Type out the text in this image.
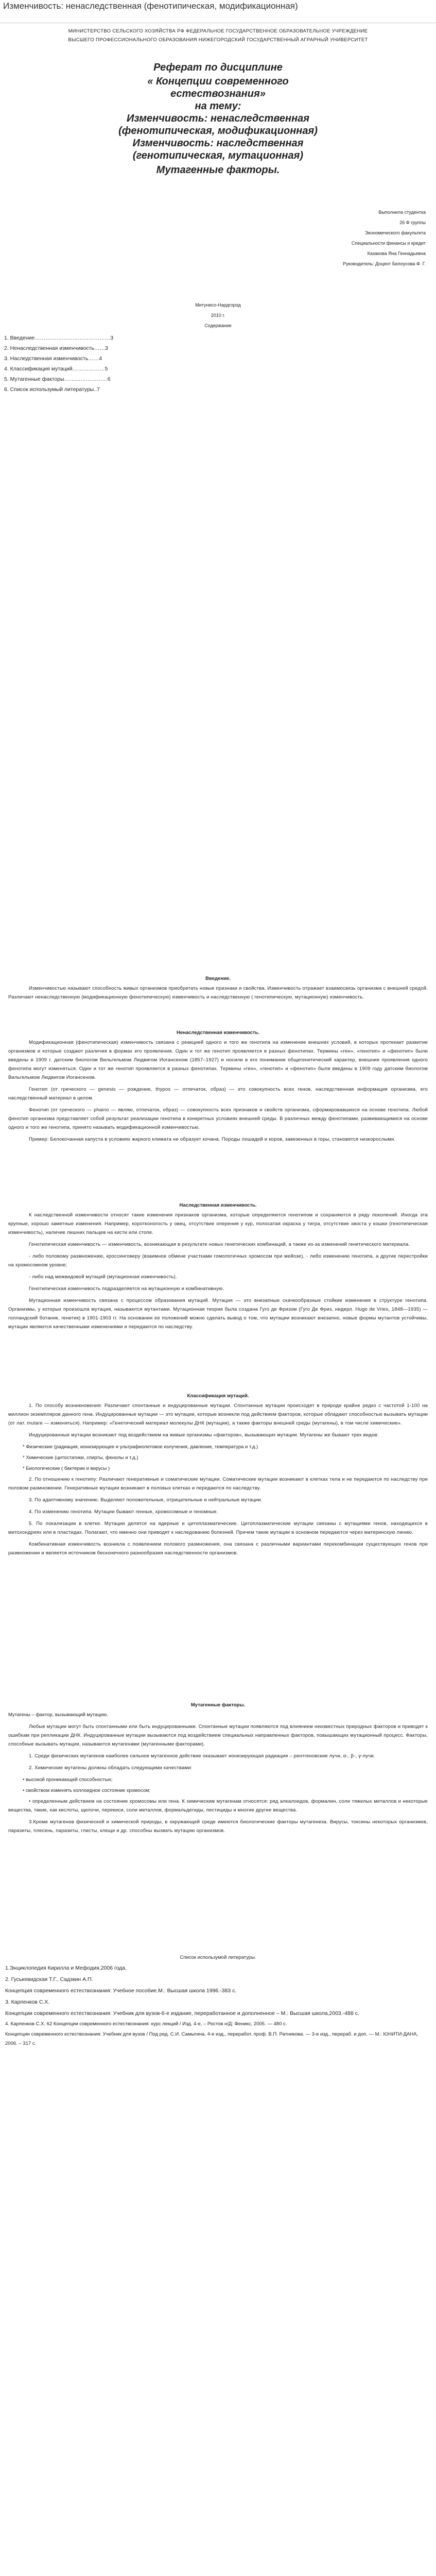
Изменчивость: ненаследственная (фенотипическая, модификационная)
МИНИСТЕРСТВО СЕЛЬСКОГО ХОЗЯЙСТВА РФ ФЕДЕРАЛЬНОЕ ГОСУДАРСТВЕННОЕ ОБРАЗОВАТЕЛЬНОЕ УЧРЕЖДЕНИЕ ВЫСШЕГО ПРОФЕССИОНАЛЬНОГО ОБРАЗОВАНИЯ НИЖЕГОРОДСКИЙ ГОСУДАРСТВЕННЫЙ АГРАРНЫЙ УНИВЕРСИТЕТ
Реферат по дисциплине
« Концепции современного естествознания»
на тему:
Изменчивость: ненаследственная (фенотипическая, модификационная)
Изменчивость: наследственная (генотипическая, мутационная)
Мутагенные факторы.
Выполнила студентка
26 Ф группы
Экономического факультета
Специальности финансы и кредит
Казакова Яна Геннадьевна
Руководитель: Доцент Белоусова Ф. Г.
Митунисо-Нардгород
2010 г.
Содержание
1. Введение……………………………………3
2. Ненаследственная изменчивость……3
3. Наследственная изменчивость……4
4. Классификация мутаций………………5
5. Мутагенные факторы……………………6
6. Список использумый литературы..7
Введение.
Изменчивостью называют способность живых организмов приобретать новые признаки и свойства. Изменчивость отражает взаимосвязь организма с внешней средой. Различают ненаследственную (модификационную фенотипическую) изменчивость и наследственную ( генотипическую, мутационную) изменчивость.
Ненаследственная изменчивость.
Модификационная (фенотипическая) изменчивость связана с реакцией одного и того же генотипа на изменение внешних условий, в которых протекает развитие организмов и которые создают различия в формах его проявления. Один и тот же генотип проявляется в разных фенотипах. Термины «ген», «генотип» и «фенотип» были введены в 1909 г. датским биологом Вильгельмом Людвигом Иогансеном (1857–1927) и носили в его понимании общегенетический характер, внешние проявления одного фенотипа могут изменяться. Один и тот же генотип проявляется в разных фенотипах. Термины «ген», «генотип» и «фенотип» были введены в 1909 году датским биологом Вильгельмом Людвигом Иогансеном.
Генотип (от греческого — genesis — рождение, thypos — отпечаток, образ) — это совокупность всех генов, наследственная информация организма, его наследственный материал в целом.
Фенотип (от греческого — phaino — являю, отпечаток, образ) — совокупность всех признаков и свойств организма, сформировавшихся на основе генотипа. Любой фенотип организма представляет собой результат реализации генотипа в конкретных условиях внешней среды. В различных между фенотипами, развивающимися на основе одного и того же генотипа, принято называть модификационной изменчивостью.
Пример: Белокочанная капуста в условиях жаркого климата не образует кочана. Породы лошадей и коров, завезенных в горы, становятся низкорослыми.
Наследственная изменчивость.
К наследственной изменчивости относят такие изменения признаков организма, которые определяются генотипом и сохраняются в ряду поколений. Иногда эта крупные, хорошо заметные изменения. Например, коротконогость у овец, отсутствие оперения у кур, полосатая окраска у тигра, отсутствие хвоста у кошки (генотипическая изменчивость), наличие лишних пальцев на кисти или стопе.
Генотипическая изменчивость — изменчивость, возникающая в результате новых генетических комбинаций, а также из-за изменений генетического материала.
- либо половому размножению, кроссинговеру (взаимное обмене участками гомологичных хромосом при мейозе), - либо изменению генотипа, а другие перестройки на хромосомном уровне;
- либо над межвидовой мутаций (мутационная изменчивость).
Генотипическая изменчивость подразделяется на мутационную и комбинативную.
Мутационная изменчивость связана с процессом образования мутаций. Мутация — это внезапные скачкообразные стойкие изменения в структуре генотипа. Организмы, у которых произошла мутация, называются мутантами. Мутационная теория была создана Гуго де Фризом (Гуго Де Фриз, нидерл. Hugo de Vries, 1848—1935) — голландский ботаник, генетик) в 1901-1903 гг. На основании ее положений можно сделать вывод о том, что мутации возникают внезапно, новые формы мутантов устойчивы, мутации являются качественными изменениями и передаются по наследству.
Классификация мутаций.
1. По способу возникновения: Различают спонтанные и индуцированные мутации. Спонтанные мутации происходят в природе крайне редко с частотой 1-100 на миллион экземпляров данного гена. Индуцированные мутации — это мутации, которые возникли под действием факторов, которые обладают способностью вызывать мутации (от лат. mutare — изменяться). Например: «Генетический материал молекулы ДНК (мутации), а также факторы внешней среды (мутагены), в том числе химические».
Индуцированные мутации возникают под воздействием на живые организмы «факторов», вызывающих мутации. Мутагены же бывают трех видов:
* Физические (радиация, ионизирующее и ультрафиолетовое излучения, давление, температура и т.д.)
* Химические (цитостатики, спирты, фенолы и т.д.)
* Биологические ( бактерии и вирусы )
2. По отношению к генотипу: Различают генеративные и соматические мутации. Соматические мутации возникают в клетках тела и не передаются по наследству при половом размножении. Генеративные мутации возникают в половых клетках и передаются по наследству.
3. По адаптивному значению. Выделяют положительные, отрицательные и нейтральные мутации.
4. По изменению генотипа. Мутации бывают генные, хромосомные и геномные.
5. По локализации в клетке. Мутации делятся на ядерные и цитоплазматические. Цитоплазматические мутации связаны с мутациями генов, находящихся в митохондриях или в пластидах. Полагают, что именно они приводят к наследованию болезней. Причем такие мутации в основном передаются через материнскую линию.
Комбинативная изменчивость возникла с появлением полового размножения, она связана с различными вариантами перекомбинации существующих генов при размножении и является источником бесконечного разнообразия наследственности организмов.
Мутагенные факторы.
Мутагены – фактор, вызывающий мутацию.
Любые мутации могут быть спонтанными или быть индуцированными. Спонтанные мутации появляются под влиянием неизвестных природных факторов и приводят к ошибкам при репликации ДНК. Индуцированные мутации вызываются под воздействием специальных направленных факторов, повышающих мутационный процесс. Факторы, способные вызывать мутации, называются мутагенами (мутагенными факторами).
1. Среди физических мутагенов наиболее сильное мутагенное действие оказывает ионизирующая радиация – рентгеновские лучи, α-, β-, γ-лучи.
2. Химические мутагены должны обладать следующими качествами:
• высокой проникающей способностью;
• свойством изменять коллоидное состояние хромосом;
• определенным действием на состояние хромосомы или гена. К химическим мутагенам относятся: ряд алкалоидов, формалин, соли тяжелых металлов и некоторые вещества, такие, как кислоты, щелочи, перекиси, соли металлов, формальдегиды, пестициды и многие другие вещества.
3.Кроме мутагенов физической и химической природы, в окружающей среде имеются биологические факторы мутагенеза. Вирусы, токсины некоторых организмов, паразиты, плесень, паразиты, глисты, клещи и др. способны вызвать мутацию организмов.
Список использумой литературы.
1.Энциклопедия Кирилла и Мефодия,2006 года.
2. Гуськевидская Т.Г., Садзкин А.П.
Концепция современного естествознания: Учебное пособие.М.: Высшая школа 1996.-383 с.
3. Карпенков С.Х.
Концепции современного естествознания: Учебник для вузов-6-е издание, переработанное и дополненное – М.: Высшая школа,2003.-488 с.
4. Карпенков С.Х. 62 Концепции современного естествознания: курс лекций / Изд. 4-е, – Ростов н/Д: Феникс, 2005. — 480 с.
Концепции современного естествознания: Учебник для вузов / Под ред. С.И. Самыгина. 4-е изд., переработ. проф. В.П. Ратникова. — 3-е изд., перераб. и доп. — М.: ЮНИТИ-ДАНА, 2006. – 317 с.
